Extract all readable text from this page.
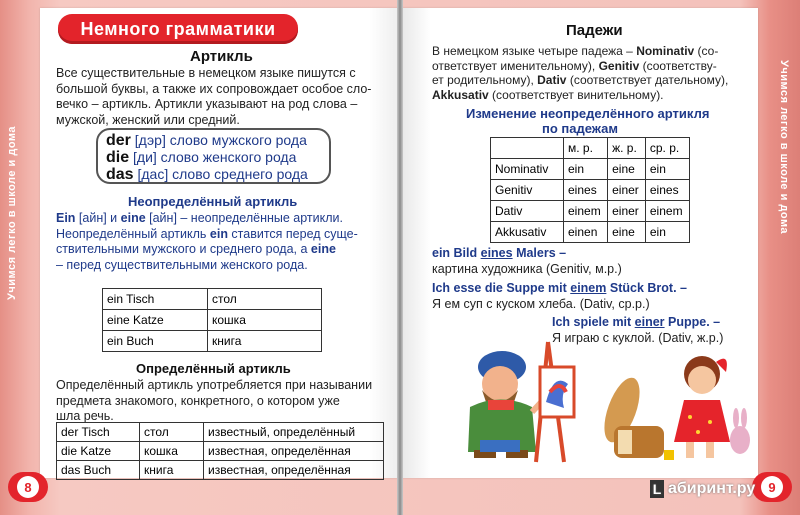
Учимся легко в школе и дома	Учимся легко в школе и дома
Немного грамматики
Артикль
Все существительные в немецком языке пишутся с
большой буквы, а также их сопровождает особое сло-
вечко – артикль. Артикли указывают на род слова –
мужской, женский или средний.
der [дэр] слово мужского рода
die [ди] слово женского рода
das [дас] слово среднего рода
Неопределённый артикль
Ein [айн] и eine [айн] – неопределённые артикли.
Неопределённый артикль ein ставится перед суще-
ствительными мужского и среднего рода, а eine
– перед существительными женского рода.
ein Tisch	стол
eine Katze	кошка
ein Buch	книга
Определённый артикль
Определённый артикль употребляется при назывании
предмета знакомого, конкретного, о котором уже
шла речь.
der Tisch	стол	известный, определённый
die Katze	кошка	известная, определённая
das Buch	книга	известная, определённая
8
Падежи
В немецком языке четыре падежа – Nominativ (со-
ответствует именительному), Genitiv (соответству-
ет родительному), Dativ (соответствует дательному),
Akkusativ (соответствует винительному).
Изменение неопределённого артикля
по падежам
	м. р.	ж. р.	ср. р.
Nominativ	ein	eine	ein
Genitiv	eines	einer	eines
Dativ	einem	einer	einem
Akkusativ	einen	eine	ein
ein Bild eines Malers –
картина художника (Genitiv, м.р.)
Ich esse die Suppe mit einem Stück Brot. –
Я ем суп с куском хлеба. (Dativ, ср.р.)
Ich spiele mit einer Puppe. –
Я играю с куклой. (Dativ, ж.р.)
9
L абиринт.ру
